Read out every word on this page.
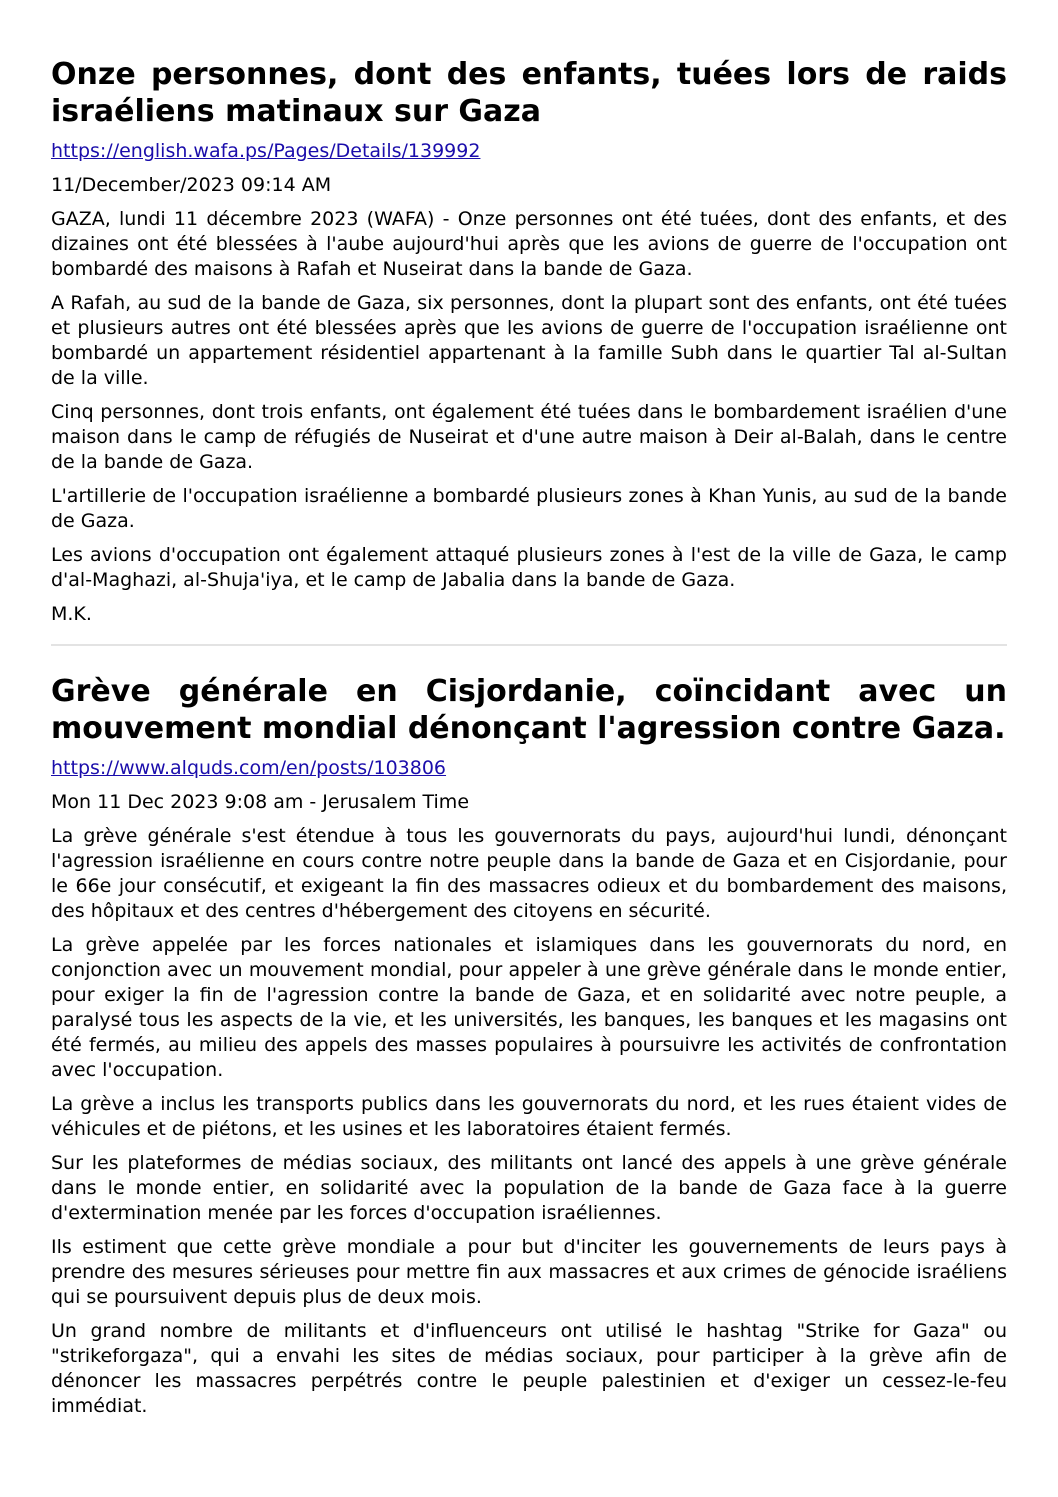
Onze personnes, dont des enfants, tuées lors de raids israéliens matinaux sur Gaza
https://english.wafa.ps/Pages/Details/139992
11/December/2023 09:14 AM

GAZA, lundi 11 décembre 2023 (WAFA) - Onze personnes ont été tuées, dont des enfants, et des dizaines ont été blessées à l'aube aujourd'hui après que les avions de guerre de l'occupation ont bombardé des maisons à Rafah et Nuseirat dans la bande de Gaza.

A Rafah, au sud de la bande de Gaza, six personnes, dont la plupart sont des enfants, ont été tuées et plusieurs autres ont été blessées après que les avions de guerre de l'occupation israélienne ont bombardé un appartement résidentiel appartenant à la famille Subh dans le quartier Tal al-Sultan de la ville.

Cinq personnes, dont trois enfants, ont également été tuées dans le bombardement israélien d'une maison dans le camp de réfugiés de Nuseirat et d'une autre maison à Deir al-Balah, dans le centre de la bande de Gaza.

L'artillerie de l'occupation israélienne a bombardé plusieurs zones à Khan Yunis, au sud de la bande de Gaza.

Les avions d'occupation ont également attaqué plusieurs zones à l'est de la ville de Gaza, le camp d'al-Maghazi, al-Shuja'iya, et le camp de Jabalia dans la bande de Gaza.

M.K.
Grève générale en Cisjordanie, coïncidant avec un mouvement mondial dénonçant l'agression contre Gaza.
https://www.alquds.com/en/posts/103806
Mon 11 Dec 2023 9:08 am - Jerusalem Time

La grève générale s'est étendue à tous les gouvernorats du pays, aujourd'hui lundi, dénonçant l'agression israélienne en cours contre notre peuple dans la bande de Gaza et en Cisjordanie, pour le 66e jour consécutif, et exigeant la fin des massacres odieux et du bombardement des maisons, des hôpitaux et des centres d'hébergement des citoyens en sécurité.

La grève appelée par les forces nationales et islamiques dans les gouvernorats du nord, en conjonction avec un mouvement mondial, pour appeler à une grève générale dans le monde entier, pour exiger la fin de l'agression contre la bande de Gaza, et en solidarité avec notre peuple, a paralysé tous les aspects de la vie, et les universités, les banques, les banques et les magasins ont été fermés, au milieu des appels des masses populaires à poursuivre les activités de confrontation avec l'occupation.

La grève a inclus les transports publics dans les gouvernorats du nord, et les rues étaient vides de véhicules et de piétons, et les usines et les laboratoires étaient fermés.

Sur les plateformes de médias sociaux, des militants ont lancé des appels à une grève générale dans le monde entier, en solidarité avec la population de la bande de Gaza face à la guerre d'extermination menée par les forces d'occupation israéliennes.

Ils estiment que cette grève mondiale a pour but d'inciter les gouvernements de leurs pays à prendre des mesures sérieuses pour mettre fin aux massacres et aux crimes de génocide israéliens qui se poursuivent depuis plus de deux mois.

Un grand nombre de militants et d'influenceurs ont utilisé le hashtag "Strike for Gaza" ou "strikeforgaza", qui a envahi les sites de médias sociaux, pour participer à la grève afin de dénoncer les massacres perpétrés contre le peuple palestinien et d'exiger un cessez-le-feu immédiat.
